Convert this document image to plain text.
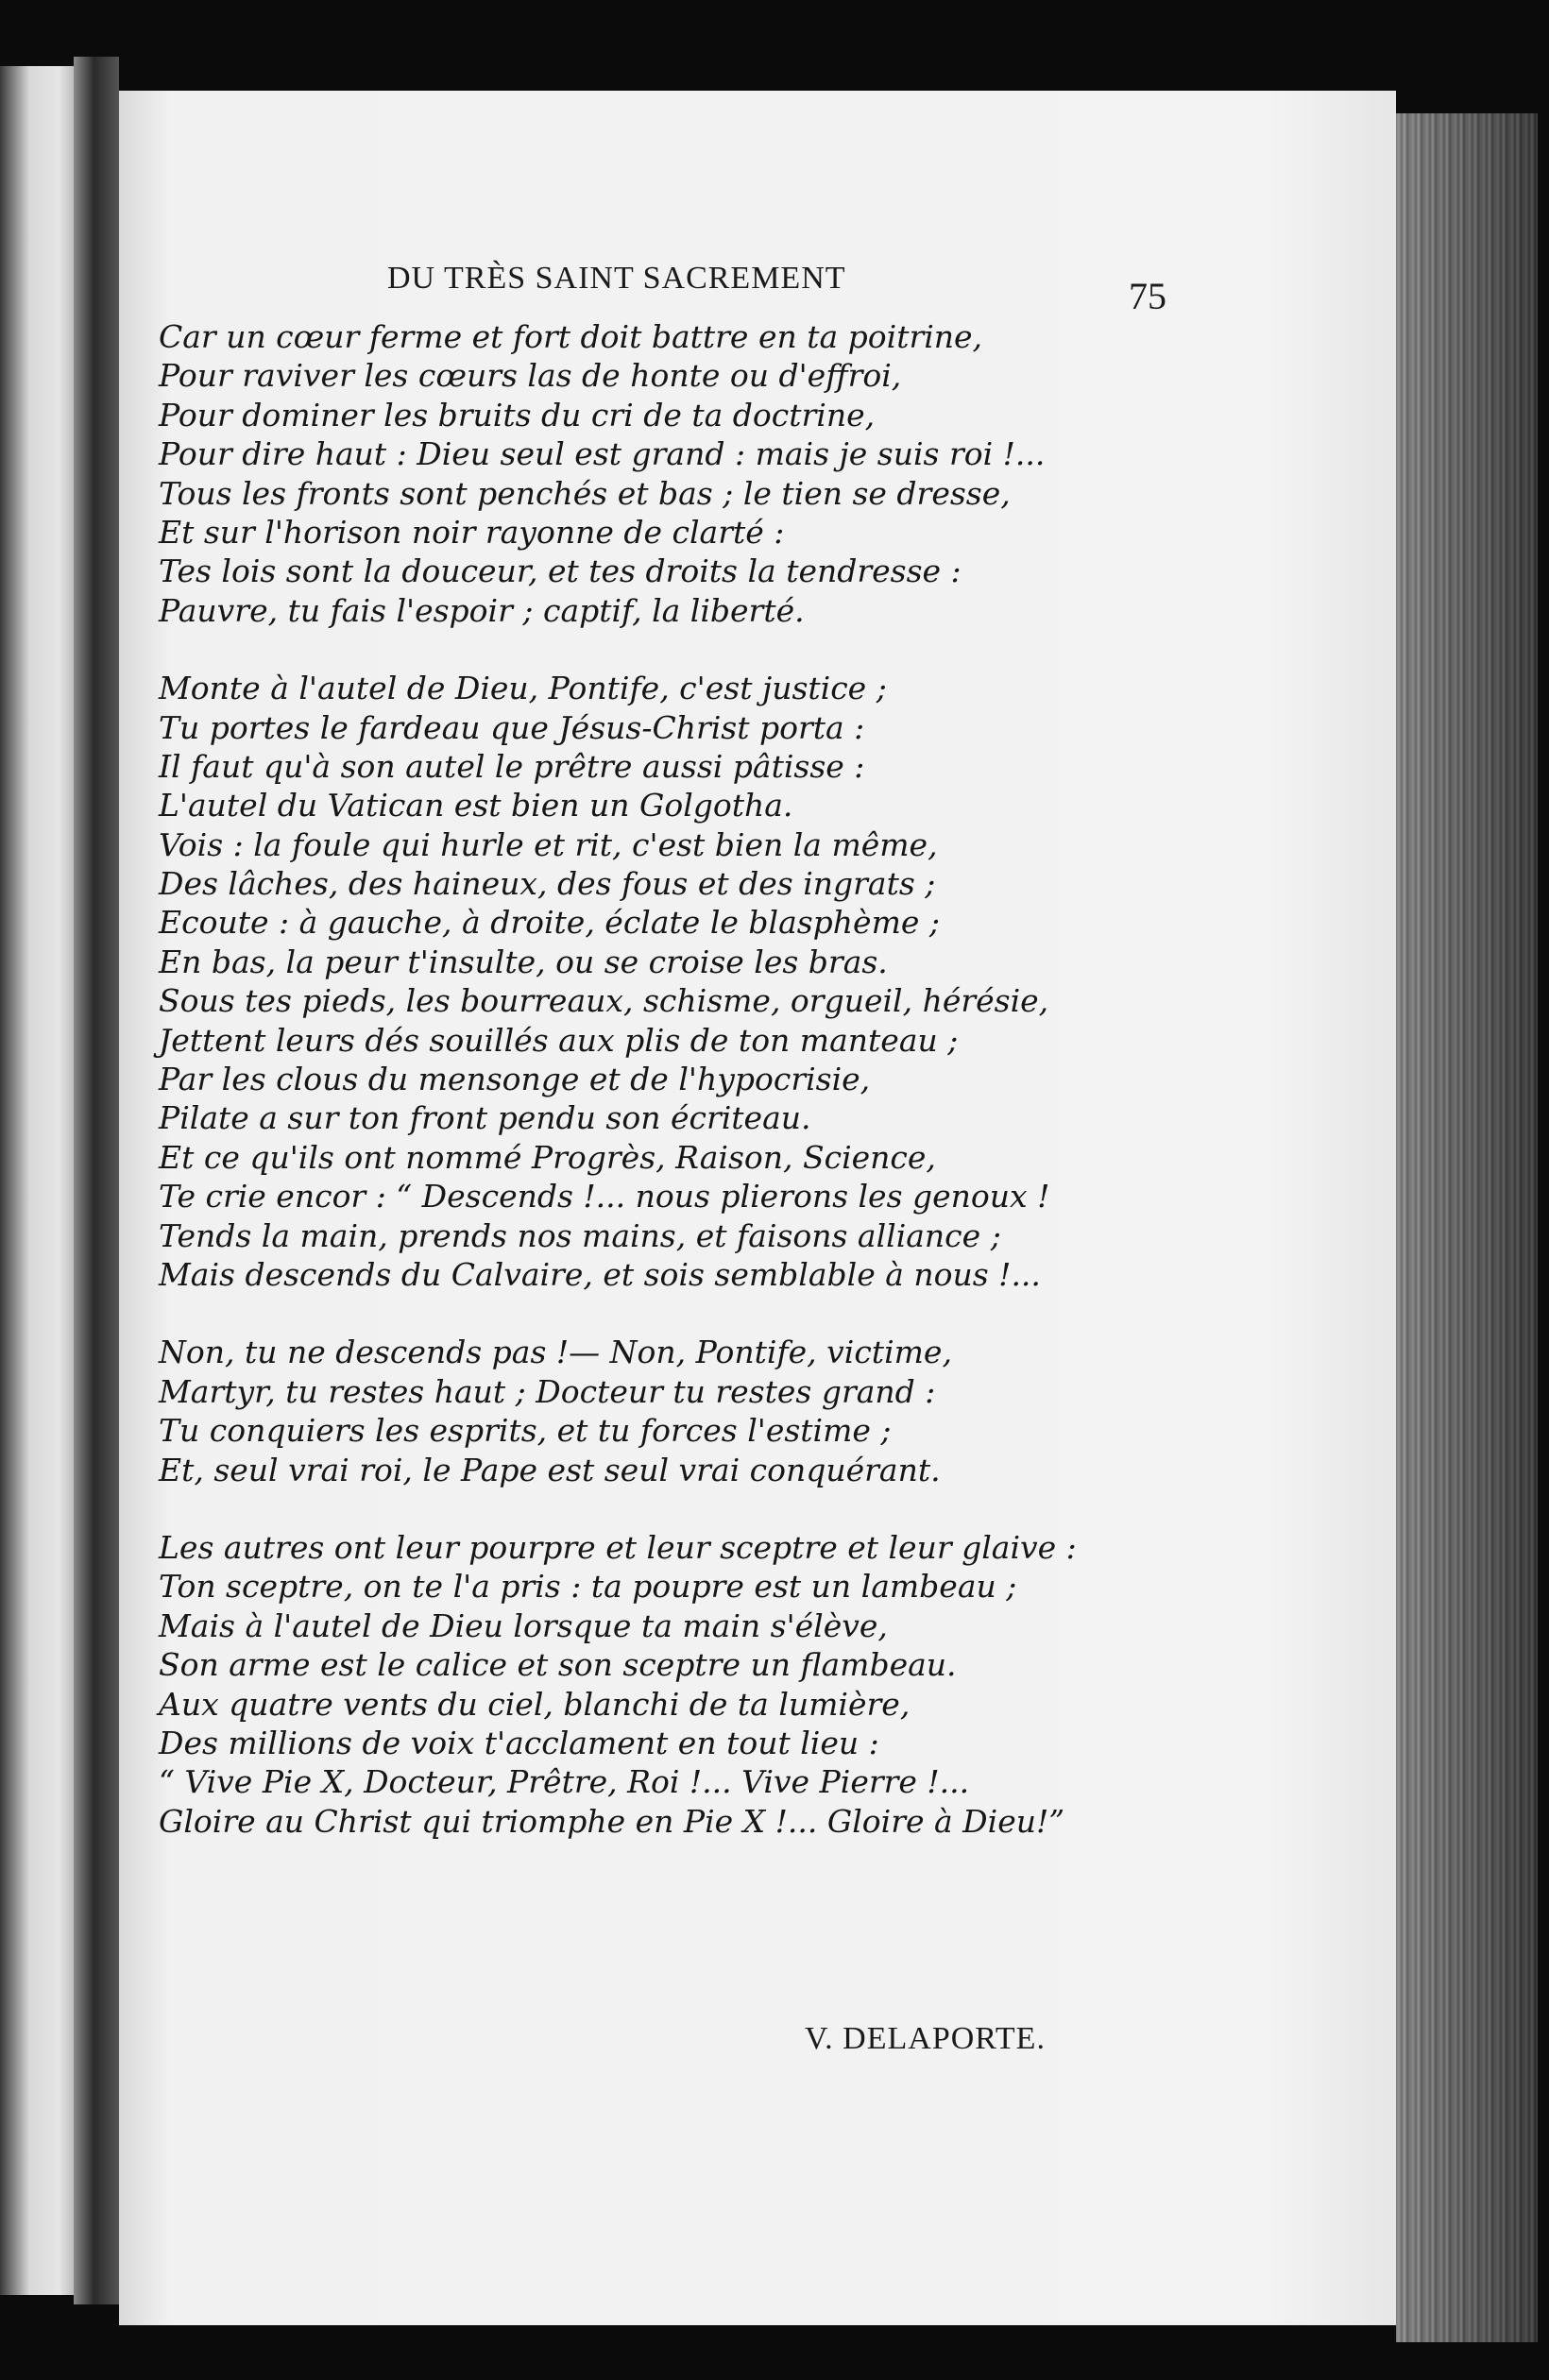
DU TRÈS SAINT SACREMENT	75
Car un cœur ferme et fort doit battre en ta poitrine,
Pour raviver les cœurs las de honte ou d'effroi,
Pour dominer les bruits du cri de ta doctrine,
Pour dire haut : Dieu seul est grand : mais je suis roi !...
Tous les fronts sont penchés et bas ; le tien se dresse,
Et sur l'horison noir rayonne de clarté :
Tes lois sont la douceur, et tes droits la tendresse :
Pauvre, tu fais l'espoir ; captif, la liberté.
Monte à l'autel de Dieu, Pontife, c'est justice ;
Tu portes le fardeau que Jésus-Christ porta :
Il faut qu'à son autel le prêtre aussi pâtisse :
L'autel du Vatican est bien un Golgotha.
Vois : la foule qui hurle et rit, c'est bien la même,
Des lâches, des haineux, des fous et des ingrats ;
Ecoute : à gauche, à droite, éclate le blasphème ;
En bas, la peur t'insulte, ou se croise les bras.
Sous tes pieds, les bourreaux, schisme, orgueil, hérésie,
Jettent leurs dés souillés aux plis de ton manteau ;
Par les clous du mensonge et de l'hypocrisie,
Pilate a sur ton front pendu son écriteau.
Et ce qu'ils ont nommé Progrès, Raison, Science,
Te crie encor : “ Descends !... nous plierons les genoux !
Tends la main, prends nos mains, et faisons alliance ;
Mais descends du Calvaire, et sois semblable à nous !...
Non, tu ne descends pas !— Non, Pontife, victime,
Martyr, tu restes haut ; Docteur tu restes grand :
Tu conquiers les esprits, et tu forces l'estime ;
Et, seul vrai roi, le Pape est seul vrai conquérant.
Les autres ont leur pourpre et leur sceptre et leur glaive :
Ton sceptre, on te l'a pris : ta poupre est un lambeau ;
Mais à l'autel de Dieu lorsque ta main s'élève,
Son arme est le calice et son sceptre un flambeau.
Aux quatre vents du ciel, blanchi de ta lumière,
Des millions de voix t'acclament en tout lieu :
“ Vive Pie X, Docteur, Prêtre, Roi !... Vive Pierre !...
Gloire au Christ qui triomphe en Pie X !... Gloire à Dieu!”
V. DELAPORTE.
